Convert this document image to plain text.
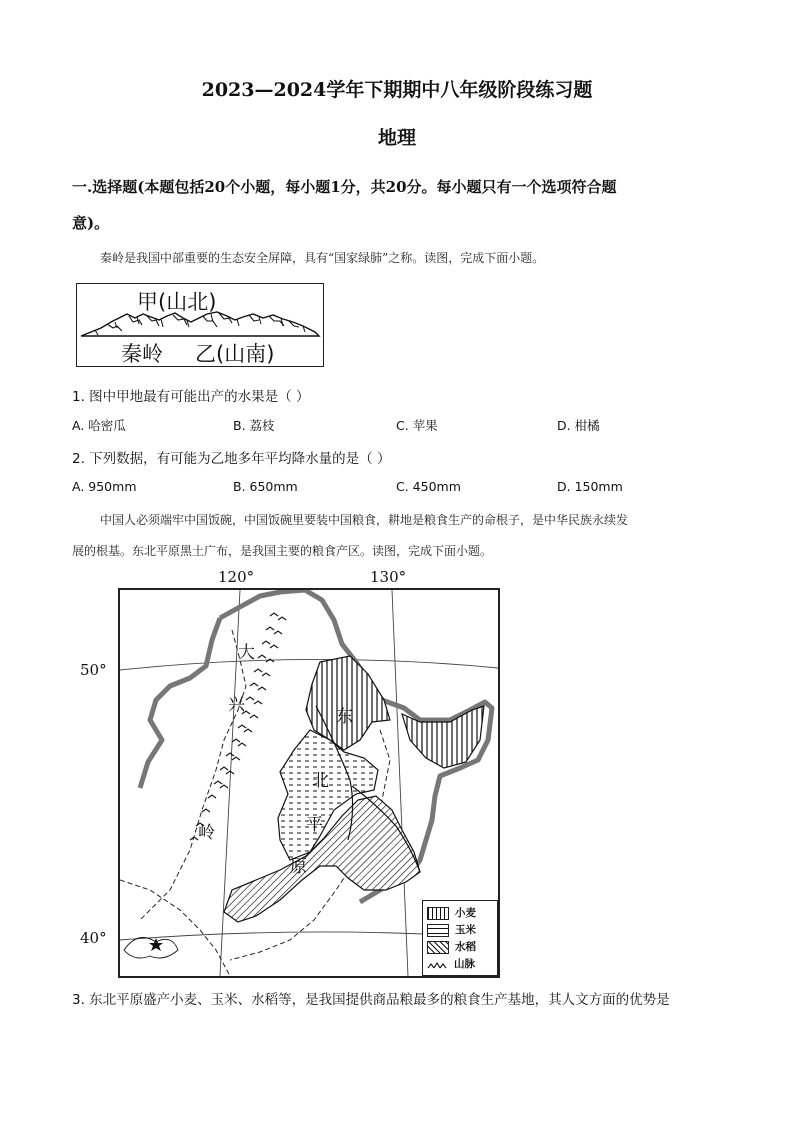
2023—2024学年下期期中八年级阶段练习题
地理
一.选择题(本题包括20个小题，每小题1分，共20分。每小题只有一个选项符合题
意)。
秦岭是我国中部重要的生态安全屏障，具有“国家绿肺”之称。读图，完成下面小题。
甲(山北)
秦岭 乙(山南)
1. 图中甲地最有可能出产的水果是（ ）
A. 哈密瓜	B. 荔枝	C. 苹果	D. 柑橘
2. 下列数据，有可能为乙地多年平均降水量的是（ ）
A. 950mm	B. 650mm	C. 450mm	D. 150mm
中国人必须端牢中国饭碗，中国饭碗里要装中国粮食，耕地是粮食生产的命根子，是中华民族永续发
展的根基。东北平原黑土广布，是我国主要的粮食产区。读图，完成下面小题。
120°	130°
50°
40°
大
兴
岭
东
北
平
原
小麦
玉米
水稻
山脉
3. 东北平原盛产小麦、玉米、水稻等，是我国提供商品粮最多的粮食生产基地，其人文方面的优势是
